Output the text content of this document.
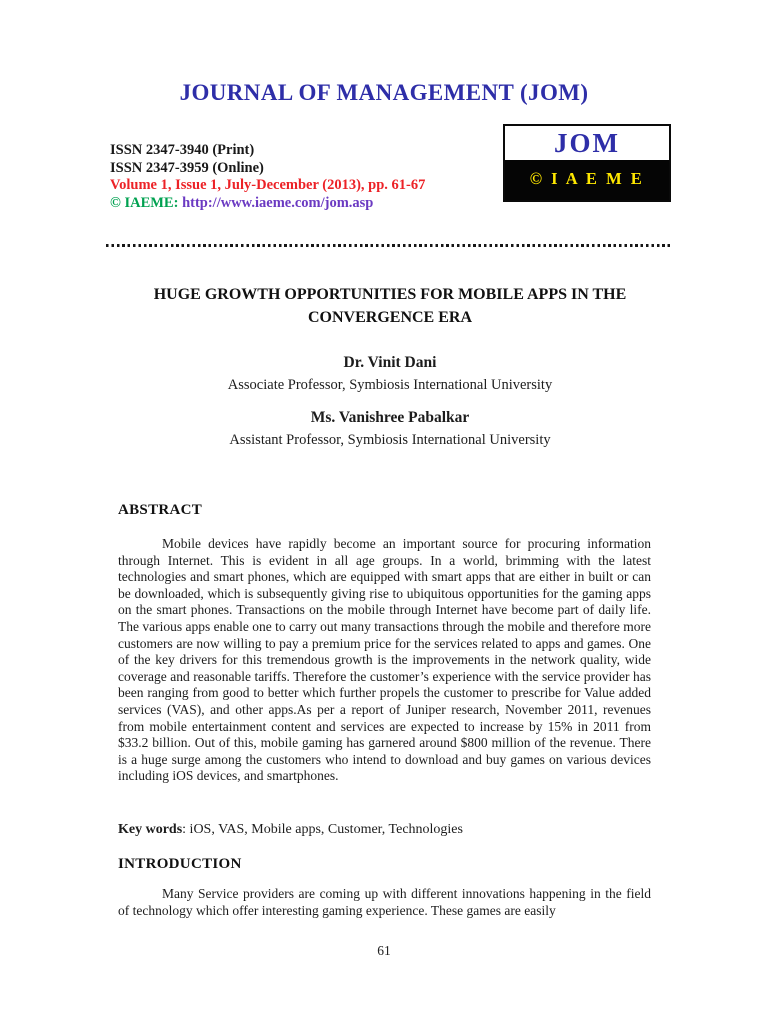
JOURNAL OF MANAGEMENT (JOM)
ISSN 2347-3940 (Print)
ISSN 2347-3959 (Online)
Volume 1, Issue 1, July-December (2013), pp. 61-67
© IAEME: http://www.iaeme.com/jom.asp
JOM
© I A E M E
HUGE GROWTH OPPORTUNITIES FOR MOBILE APPS IN THE
CONVERGENCE ERA

Dr. Vinit Dani

Associate Professor, Symbiosis International University

Ms. Vanishree Pabalkar

Assistant Professor, Symbiosis International University

ABSTRACT

Mobile devices have rapidly become an important source for procuring information through Internet. This is evident in all age groups. In a world, brimming with the latest technologies and smart phones, which are equipped with smart apps that are either in built or can be downloaded, which is subsequently giving rise to ubiquitous opportunities for the gaming apps on the smart phones. Transactions on the mobile through Internet have become part of daily life. The various apps enable one to carry out many transactions through the mobile and therefore more customers are now willing to pay a premium price for the services related to apps and games. One of the key drivers for this tremendous growth is the improvements in the network quality, wide coverage and reasonable tariffs. Therefore the customer’s experience with the service provider has been ranging from good to better which further propels the customer to prescribe for Value added services (VAS), and other apps.As per a report of Juniper research, November 2011, revenues from mobile entertainment content and services are expected to increase by 15% in 2011 from $33.2 billion. Out of this, mobile gaming has garnered around $800 million of the revenue. There is a huge surge among the customers who intend to download and buy games on various devices including iOS devices, and smartphones.

Key words: iOS, VAS, Mobile apps, Customer, Technologies

INTRODUCTION

Many Service providers are coming up with different innovations happening in the field of technology which offer interesting gaming experience. These games are easily

61
